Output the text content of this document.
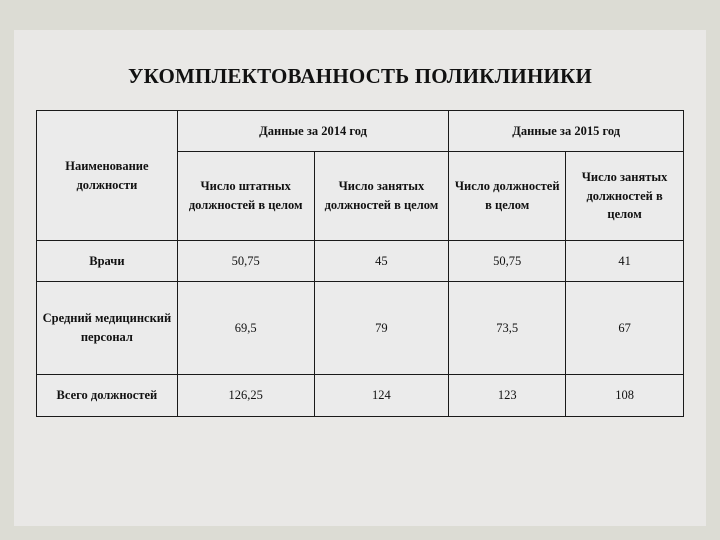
УКОМПЛЕКТОВАННОСТЬ ПОЛИКЛИНИКИ
Наименование должности	Данные за 2014 год		Данные за 2015 год	
	Число штатных должностей в целом	Число занятых должностей в целом	Число должностей в целом	Число занятых должностей в целом
Врачи	50,75	45	50,75	41
Средний медицинский персонал	69,5	79	73,5	67
Всего должностей	126,25	124	123	108
